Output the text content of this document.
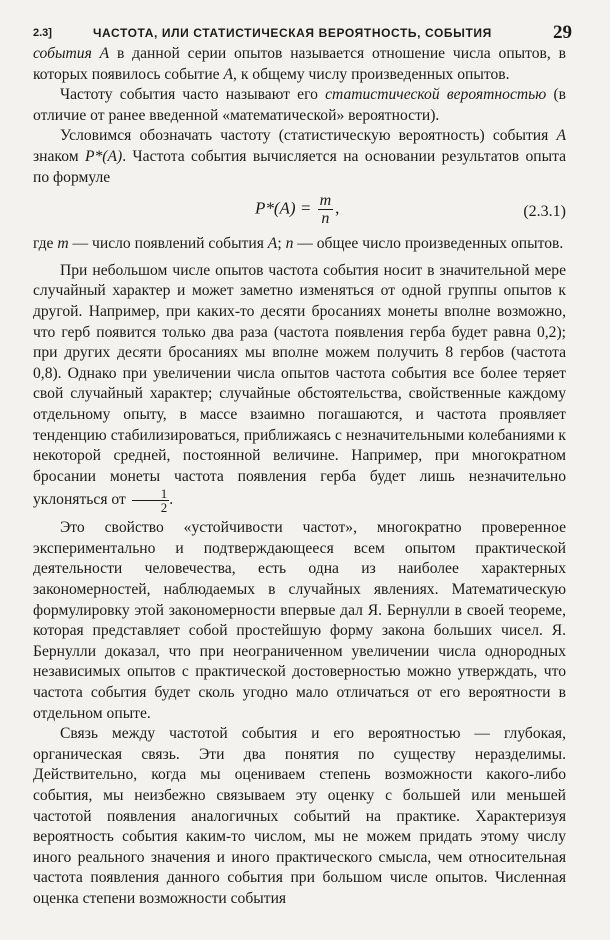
2.3]	ЧАСТОТА, ИЛИ СТАТИСТИЧЕСКАЯ ВЕРОЯТНОСТЬ, СОБЫТИЯ	29

события A в данной серии опытов называется отношение числа опытов, в которых появилось событие A, к общему числу произведенных опытов.

Частоту события часто называют его статистической вероятностью (в отличие от ранее введенной «математической» вероятности).

Условимся обозначать частоту (статистическую вероятность) события A знаком P*(A). Частота события вычисляется на основании результатов опыта по формуле

$P*(A) = \frac{m}{n}$ ,	(2.3.1)

где m — число появлений события A; n — общее число произведенных опытов.

При небольшом числе опытов частота события носит в значительной мере случайный характер и может заметно изменяться от одной группы опытов к другой. Например, при каких-то десяти бросаниях монеты вполне возможно, что герб появится только два раза (частота появления герба будет равна 0,2); при других десяти бросаниях мы вполне можем получить 8 гербов (частота 0,8). Однако при увеличении числа опытов частота события все более теряет свой случайный характер; случайные обстоятельства, свойственные каждому отдельному опыту, в массе взаимно погашаются, и частота проявляет тенденцию стабилизироваться, приближаясь с незначительными колебаниями к некоторой средней, постоянной величине. Например, при многократном бросании монеты частота появления герба будет лишь незначительно уклоняться от $\frac{1}{2}$ .

Это свойство «устойчивости частот», многократно проверенное экспериментально и подтверждающееся всем опытом практической деятельности человечества, есть одна из наиболее характерных закономерностей, наблюдаемых в случайных явлениях. Математическую формулировку этой закономерности впервые дал Я. Бернулли в своей теореме, которая представляет собой простейшую форму закона больших чисел. Я. Бернулли доказал, что при неограниченном увеличении числа однородных независимых опытов с практической достоверностью можно утверждать, что частота события будет сколь угодно мало отличаться от его вероятности в отдельном опыте.

Связь между частотой события и его вероятностью — глубокая, органическая связь. Эти два понятия по существу неразделимы. Действительно, когда мы оцениваем степень возможности какого-либо события, мы неизбежно связываем эту оценку с большей или меньшей частотой появления аналогичных событий на практике. Характеризуя вероятность события каким-то числом, мы не можем придать этому числу иного реального значения и иного практического смысла, чем относительная частота появления данного события при большом числе опытов. Численная оценка степени возможности события
